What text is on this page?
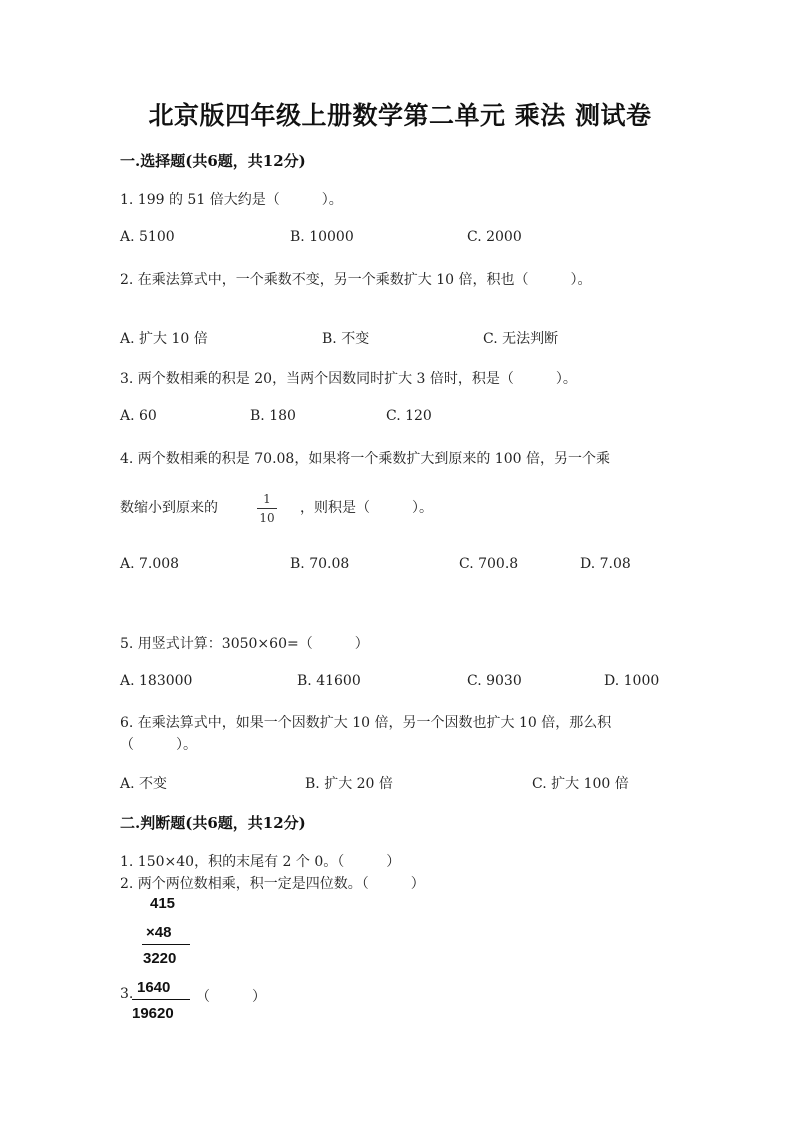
北京版四年级上册数学第二单元 乘法 测试卷
一.选择题(共6题，共12分)
1. 199 的 51 倍大约是（　　　）。
A. 5100	B. 10000	C. 2000
2. 在乘法算式中，一个乘数不变，另一个乘数扩大 10 倍，积也（　　　）。
A. 扩大 10 倍	B. 不变	C. 无法判断
3. 两个数相乘的积是 20，当两个因数同时扩大 3 倍时，积是（　　　）。
A. 60	B. 180	C. 120
4. 两个数相乘的积是 70.08，如果将一个乘数扩大到原来的 100 倍，另一个乘
数缩小到原来的
1
10
，则积是（　　　）。
A. 7.008	B. 70.08	C. 700.8	D. 7.08
5. 用竖式计算：3050×60=（　　　）
A. 183000	B. 41600	C. 9030	D. 1000
6. 在乘法算式中，如果一个因数扩大 10 倍，另一个因数也扩大 10 倍，那么积
（　　　）。
A. 不变	B. 扩大 20 倍	C. 扩大 100 倍
二.判断题(共6题，共12分)
1. 150×40，积的末尾有 2 个 0。（　　　）
2. 两个两位数相乘，积一定是四位数。（　　　）
415
×48
3220
3. 1640
19620
（　　　）
